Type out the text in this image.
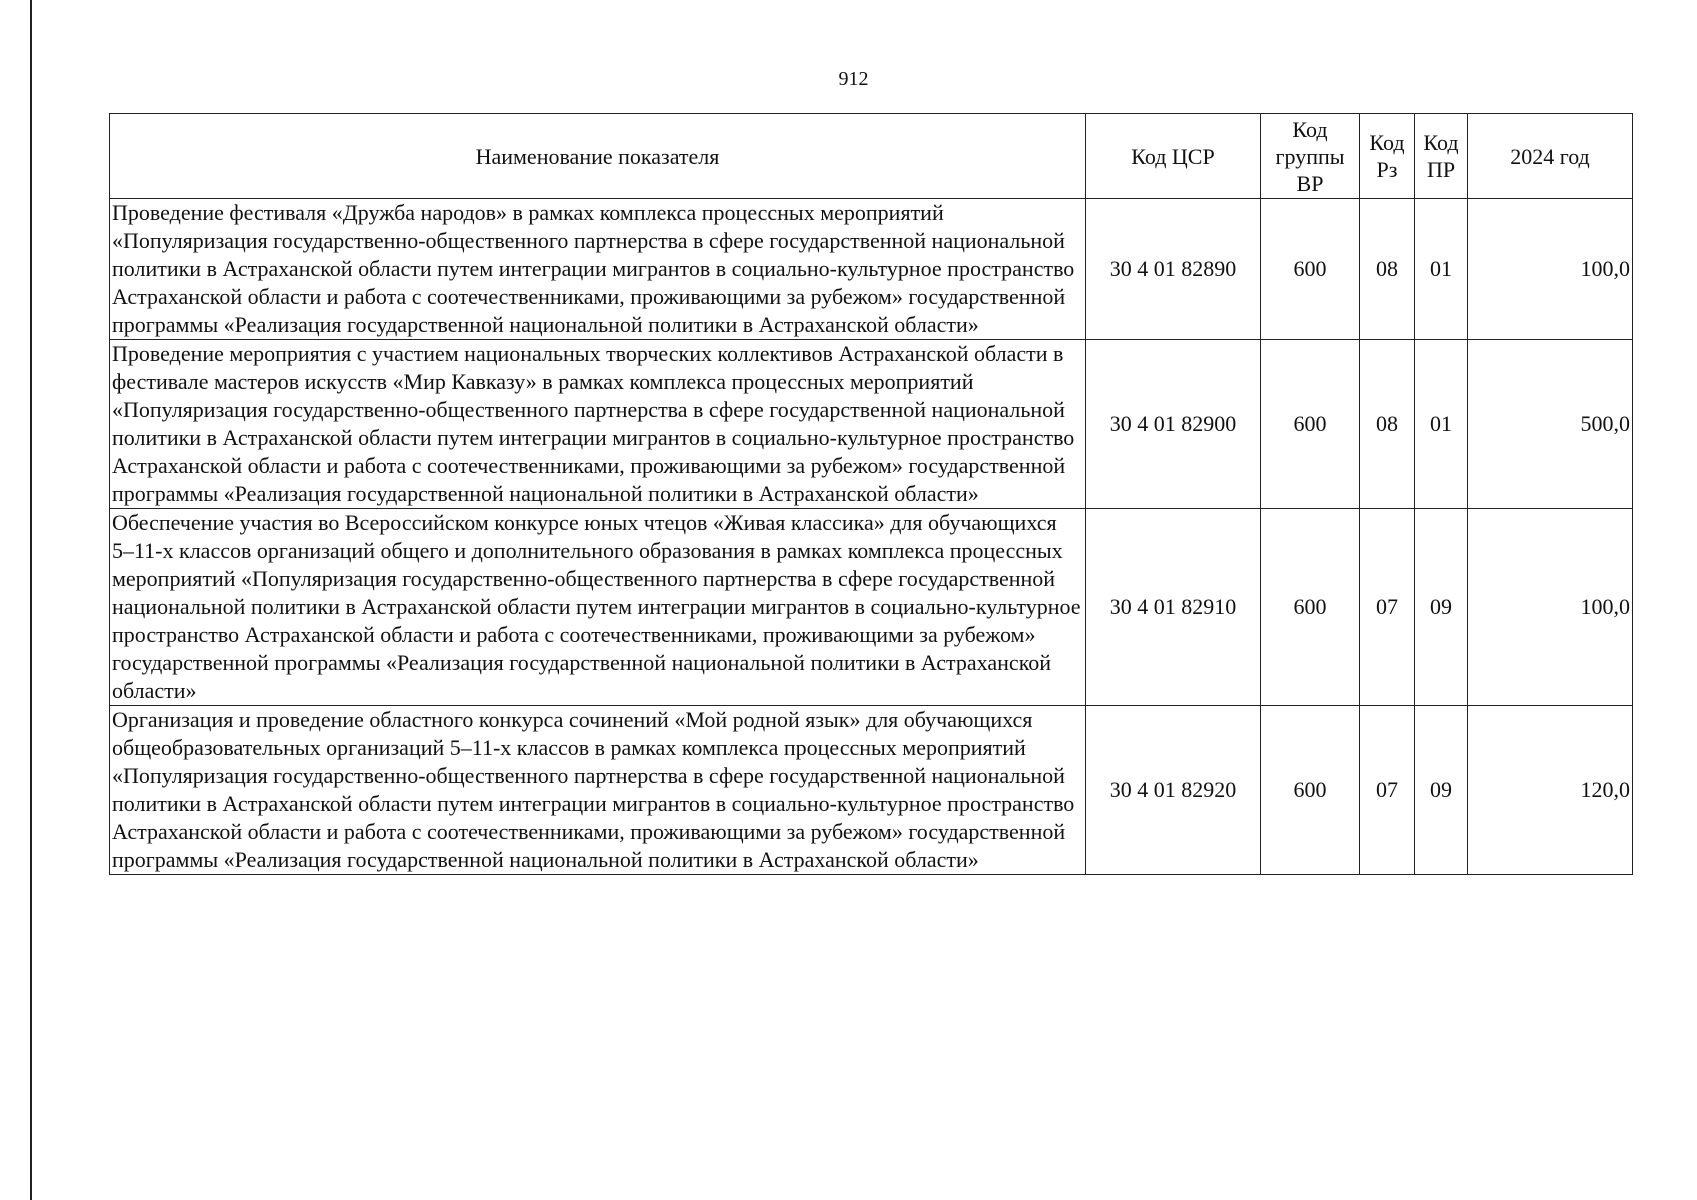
912
Наименование показателя	Код ЦСР	Код группы ВР	Код Рз	Код ПР	2024 год
Проведение фестиваля «Дружба народов» в рамках комплекса процессных мероприятий «Популяризация государственно-общественного партнерства в сфере государственной национальной политики в Астраханской области путем интеграции мигрантов в социально-культурное пространство Астраханской области и работа с соотечественниками, проживающими за рубежом» государственной программы «Реализация государственной национальной политики в Астраханской области»	30 4 01 82890	600	08	01	100,0
Проведение мероприятия с участием национальных творческих коллективов Астраханской области в фестивале мастеров искусств «Мир Кавказу» в рамках комплекса процессных мероприятий «Популяризация государственно-общественного партнерства в сфере государственной национальной политики в Астраханской области путем интеграции мигрантов в социально-культурное пространство Астраханской области и работа с соотечественниками, проживающими за рубежом» государственной программы «Реализация государственной национальной политики в Астраханской области»	30 4 01 82900	600	08	01	500,0
Обеспечение участия во Всероссийском конкурсе юных чтецов «Живая классика» для обучающихся 5–11-х классов организаций общего и дополнительного образования в рамках комплекса процессных мероприятий «Популяризация государственно-общественного партнерства в сфере государственной национальной политики в Астраханской области путем интеграции мигрантов в социально-культурное пространство Астраханской области и работа с соотечественниками, проживающими за рубежом» государственной программы «Реализация государственной национальной политики в Астраханской области»	30 4 01 82910	600	07	09	100,0
Организация и проведение областного конкурса сочинений «Мой родной язык» для обучающихся общеобразовательных организаций 5–11-х классов в рамках комплекса процессных мероприятий «Популяризация государственно-общественного партнерства в сфере государственной национальной политики в Астраханской области путем интеграции мигрантов в социально-культурное пространство Астраханской области и работа с соотечественниками, проживающими за рубежом» государственной программы «Реализация государственной национальной политики в Астраханской области»	30 4 01 82920	600	07	09	120,0
